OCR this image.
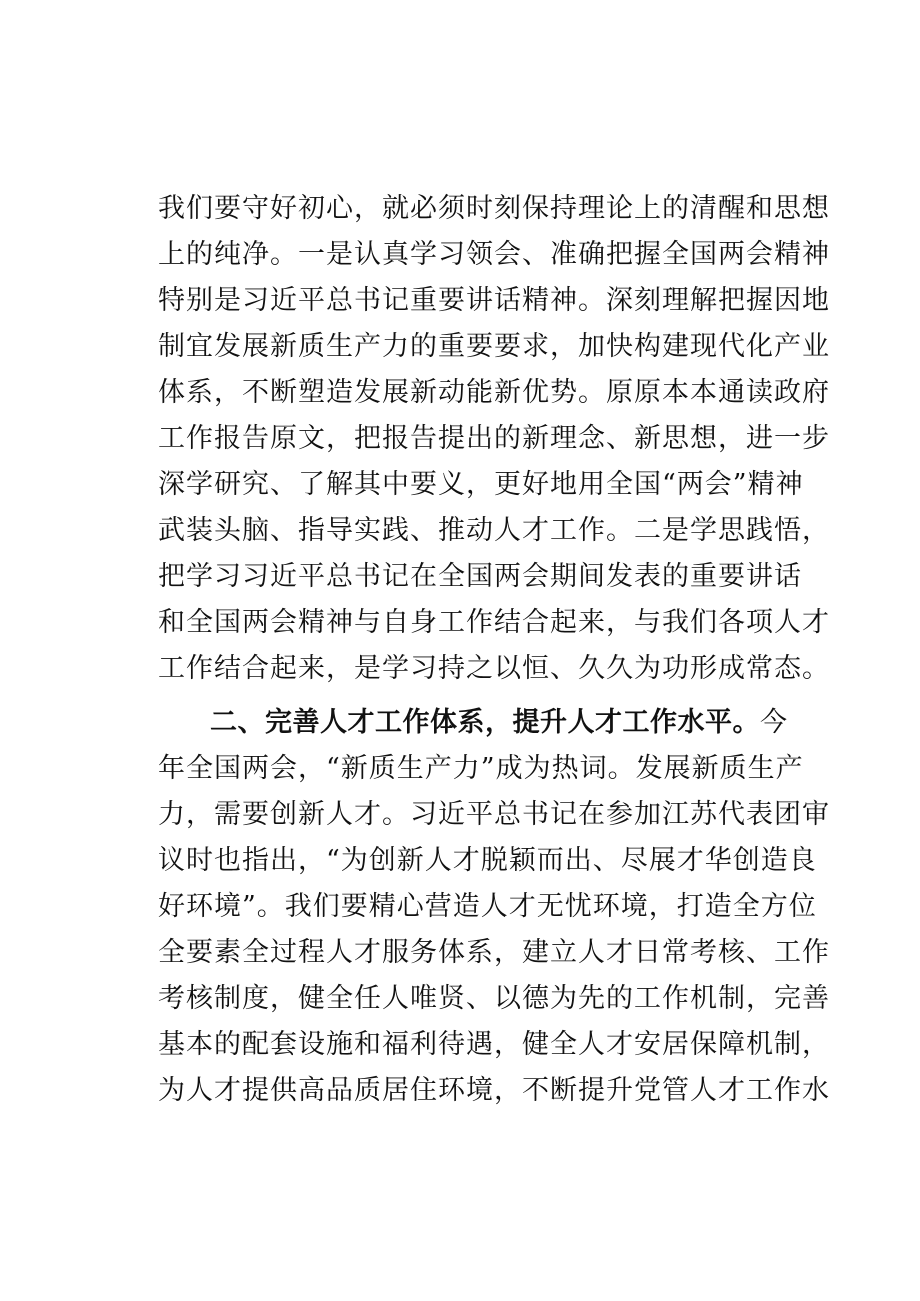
我们要守好初心，就必须时刻保持理论上的清醒和思想
上的纯净。一是认真学习领会、准确把握全国两会精神
特别是习近平总书记重要讲话精神。深刻理解把握因地
制宜发展新质生产力的重要要求，加快构建现代化产业
体系，不断塑造发展新动能新优势。原原本本通读政府
工作报告原文，把报告提出的新理念、新思想，进一步
深学研究、了解其中要义，更好地用全国“两会”精神
武装头脑、指导实践、推动人才工作。二是学思践悟，
把学习习近平总书记在全国两会期间发表的重要讲话
和全国两会精神与自身工作结合起来，与我们各项人才
工作结合起来，是学习持之以恒、久久为功形成常态。
二、完善人才工作体系，提升人才工作水平。今
年全国两会，“新质生产力”成为热词。发展新质生产
力，需要创新人才。习近平总书记在参加江苏代表团审
议时也指出，“为创新人才脱颖而出、尽展才华创造良
好环境”。我们要精心营造人才无忧环境，打造全方位
全要素全过程人才服务体系，建立人才日常考核、工作
考核制度，健全任人唯贤、以德为先的工作机制，完善
基本的配套设施和福利待遇，健全人才安居保障机制，
为人才提供高品质居住环境，不断提升党管人才工作水
